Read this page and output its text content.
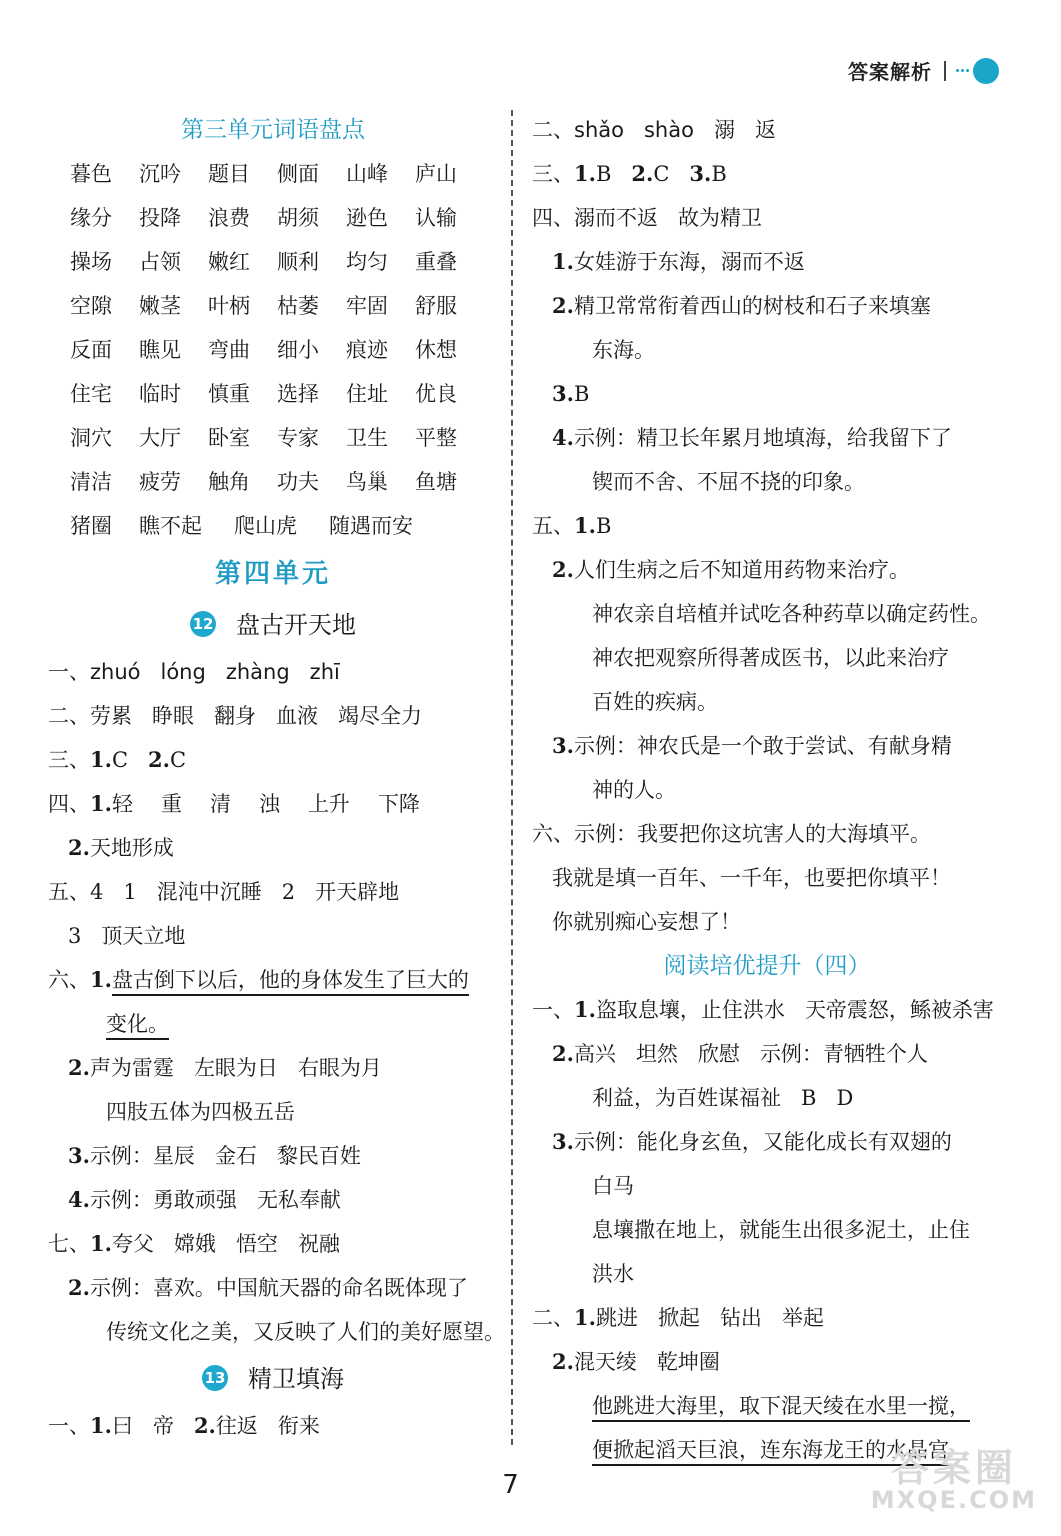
答案解析
第三单元词语盘点
暮色	沉吟	题目	侧面	山峰	庐山
缘分	投降	浪费	胡须	逊色	认输
操场	占领	嫩红	顺利	均匀	重叠
空隙	嫩茎	叶柄	枯萎	牢固	舒服
反面	瞧见	弯曲	细小	痕迹	休想
住宅	临时	慎重	选择	住址	优良
洞穴	大厅	卧室	专家	卫生	平整
清洁	疲劳	触角	功夫	鸟巢	鱼塘
猪圈	瞧不起	爬山虎	随遇而安
第四单元
12 盘古开天地
一、zhuó lóng zhàng zhī
二、劳累 睁眼 翻身 血液 竭尽全力
三、1.C 2.C
四、1.轻 重 清 浊 上升 下降
2.天地形成
五、4 1 混沌中沉睡 2 开天辟地
3 顶天立地
六、1.盘古倒下以后，他的身体发生了巨大的
变化。
2.声为雷霆 左眼为日 右眼为月
四肢五体为四极五岳
3.示例：星辰 金石 黎民百姓
4.示例：勇敢顽强 无私奉献
七、1.夸父 嫦娥 悟空 祝融
2.示例：喜欢。中国航天器的命名既体现了
传统文化之美，又反映了人们的美好愿望。
13 精卫填海
一、1.曰 帝 2.往返 衔来
二、shǎo shào 溺 返
三、1.B 2.C 3.B
四、溺而不返 故为精卫
1.女娃游于东海，溺而不返
2.精卫常常衔着西山的树枝和石子来填塞
东海。
3.B
4.示例：精卫长年累月地填海，给我留下了
锲而不舍、不屈不挠的印象。
五、1.B
2.人们生病之后不知道用药物来治疗。
神农亲自培植并试吃各种药草以确定药性。
神农把观察所得著成医书，以此来治疗
百姓的疾病。
3.示例：神农氏是一个敢于尝试、有献身精
神的人。
六、示例：我要把你这坑害人的大海填平。
我就是填一百年、一千年，也要把你填平！
你就别痴心妄想了！
阅读培优提升（四）
一、1.盗取息壤，止住洪水 天帝震怒，鲧被杀害
2.高兴 坦然 欣慰 示例：青牺牲个人
利益，为百姓谋福祉 B D
3.示例：能化身玄鱼，又能化成长有双翅的
白马
息壤撒在地上，就能生出很多泥土，止住
洪水
二、1.跳进 掀起 钻出 举起
2.混天绫 乾坤圈
他跳进大海里，取下混天绫在水里一搅，
便掀起滔天巨浪，连东海龙王的水晶宫
7	答案圈
MXQE.COM
